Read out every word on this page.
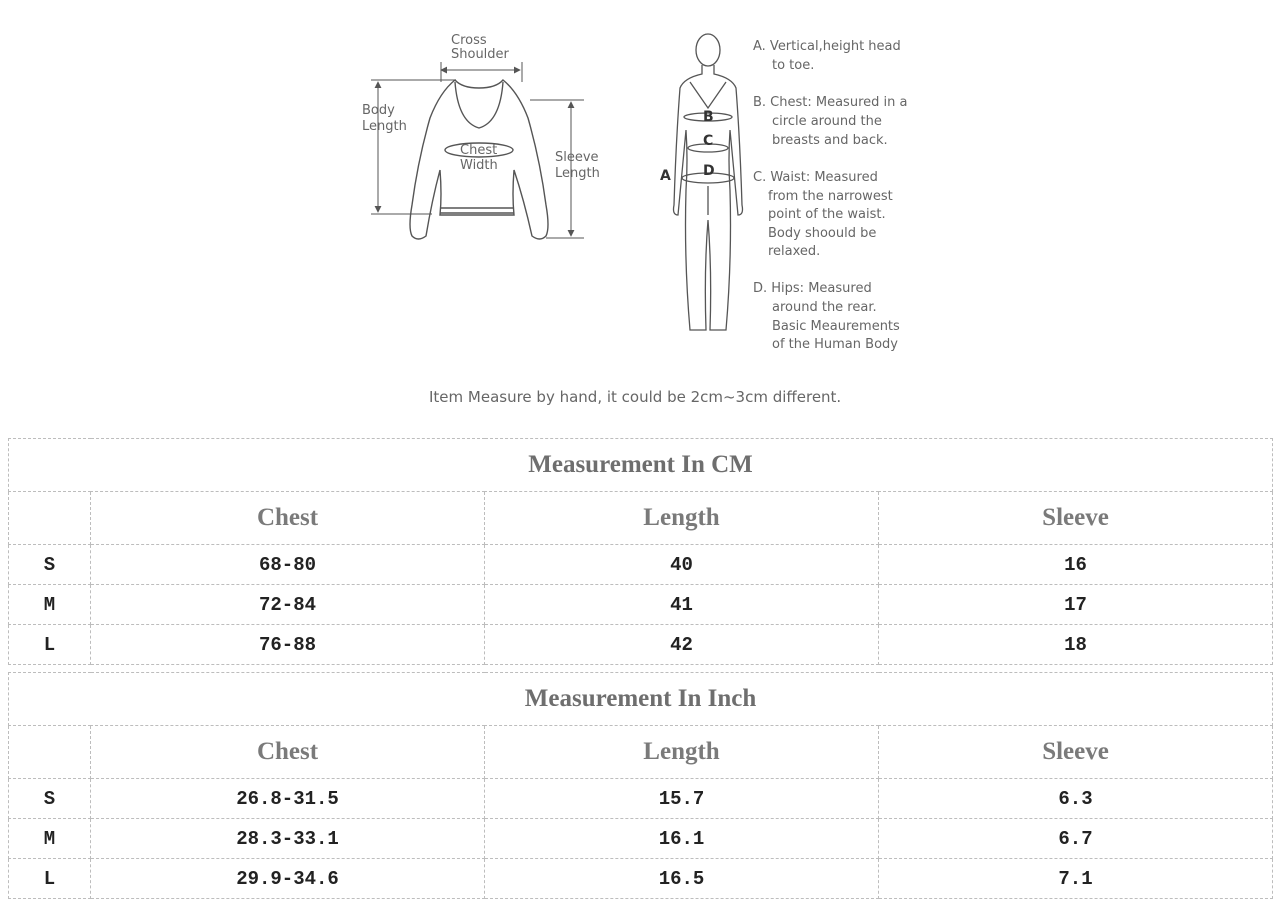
Cross
Shoulder
Body
Length
Chest
Width
Sleeve
Length	A
B
C
D
A. Vertical,height head
to toe.
B. Chest: Measured in a
circle around the
breasts and back.
C. Waist: Measured
from the narrowest
point of the waist.
Body shoould be
relaxed.
D. Hips: Measured
around the rear.
Basic Meaurements
of the Human Body
Item Measure by hand, it could be 2cm~3cm different.
Measurement In CM			
	Chest	Length	Sleeve
S	68-80	40	16
M	72-84	41	17
L	76-88	42	18
Measurement In Inch			
	Chest	Length	Sleeve
S	26.8-31.5	15.7	6.3
M	28.3-33.1	16.1	6.7
L	29.9-34.6	16.5	7.1
